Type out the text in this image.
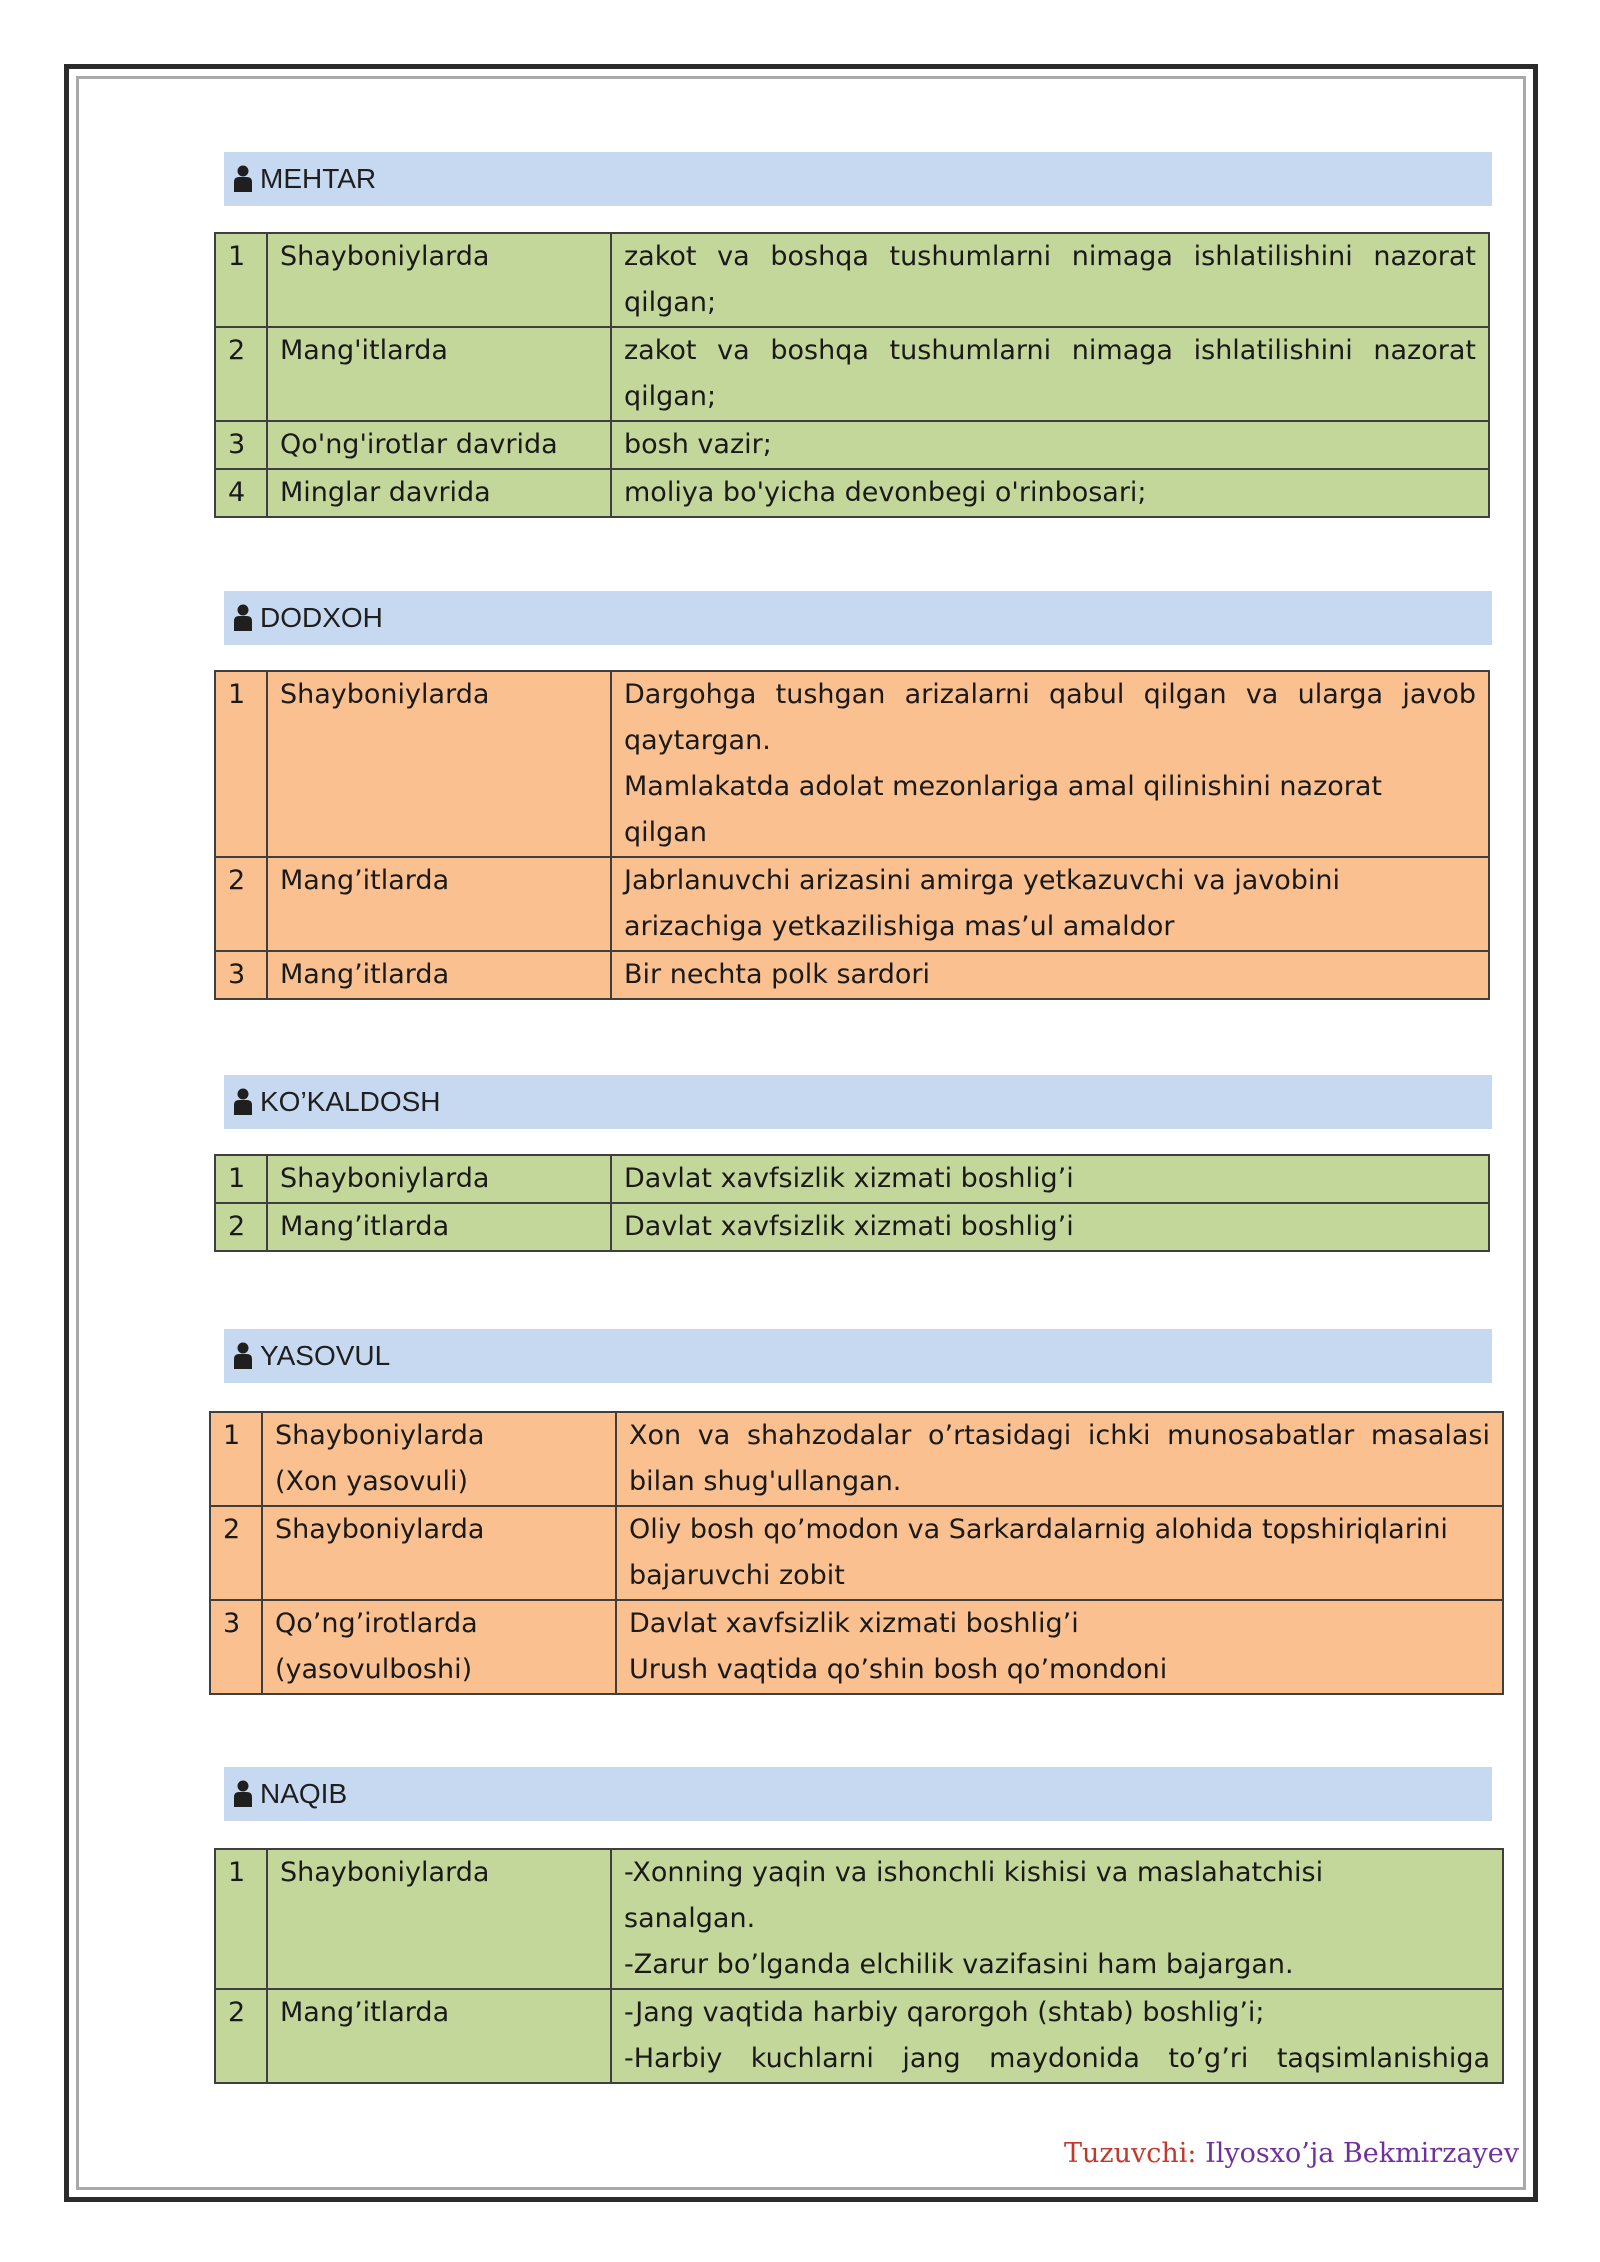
MEHTAR
1	Shayboniylarda	zakot va boshqa tushumlarni nimaga ishlatilishini nazorat
qilgan;

2	Mang'itlarda	zakot va boshqa tushumlarni nimaga ishlatilishini nazorat
qilgan;

3	Qo'ng'irotlar davrida	bosh vazir;

4	Minglar davrida	moliya bo'yicha devonbegi o'rinbosari;
DODXOH
1	Shayboniylarda	Dargohga tushgan arizalarni qabul qilgan va ularga javob
qaytargan.
Mamlakatda adolat mezonlariga amal qilinishini nazorat
qilgan

2	Mang’itlarda	Jabrlanuvchi arizasini amirga yetkazuvchi va javobini
arizachiga yetkazilishiga mas’ul amaldor

3	Mang’itlarda	Bir nechta polk sardori
KO’KALDOSH
1	Shayboniylarda	Davlat xavfsizlik xizmati boshlig’i

2	Mang’itlarda	Davlat xavfsizlik xizmati boshlig’i
YASOVUL
1	Shayboniylarda
(Xon yasovuli)	Xon va shahzodalar o’rtasidagi ichki munosabatlar masalasi
bilan shug'ullangan.

2	Shayboniylarda	Oliy bosh qo’modon va Sarkardalarnig alohida topshiriqlarini
bajaruvchi zobit

3	Qo’ng’irotlarda
(yasovulboshi)	Davlat xavfsizlik xizmati boshlig’i
Urush vaqtida qo’shin bosh qo’mondoni
NAQIB
1	Shayboniylarda	-Xonning yaqin va ishonchli kishisi va maslahatchisi
sanalgan.
-Zarur bo’lganda elchilik vazifasini ham bajargan.

2	Mang’itlarda	-Jang vaqtida harbiy qarorgoh (shtab) boshlig’i;
-Harbiy kuchlarni jang maydonida to’g’ri taqsimlanishiga
Tuzuvchi: Ilyosxo’ja Bekmirzayev
